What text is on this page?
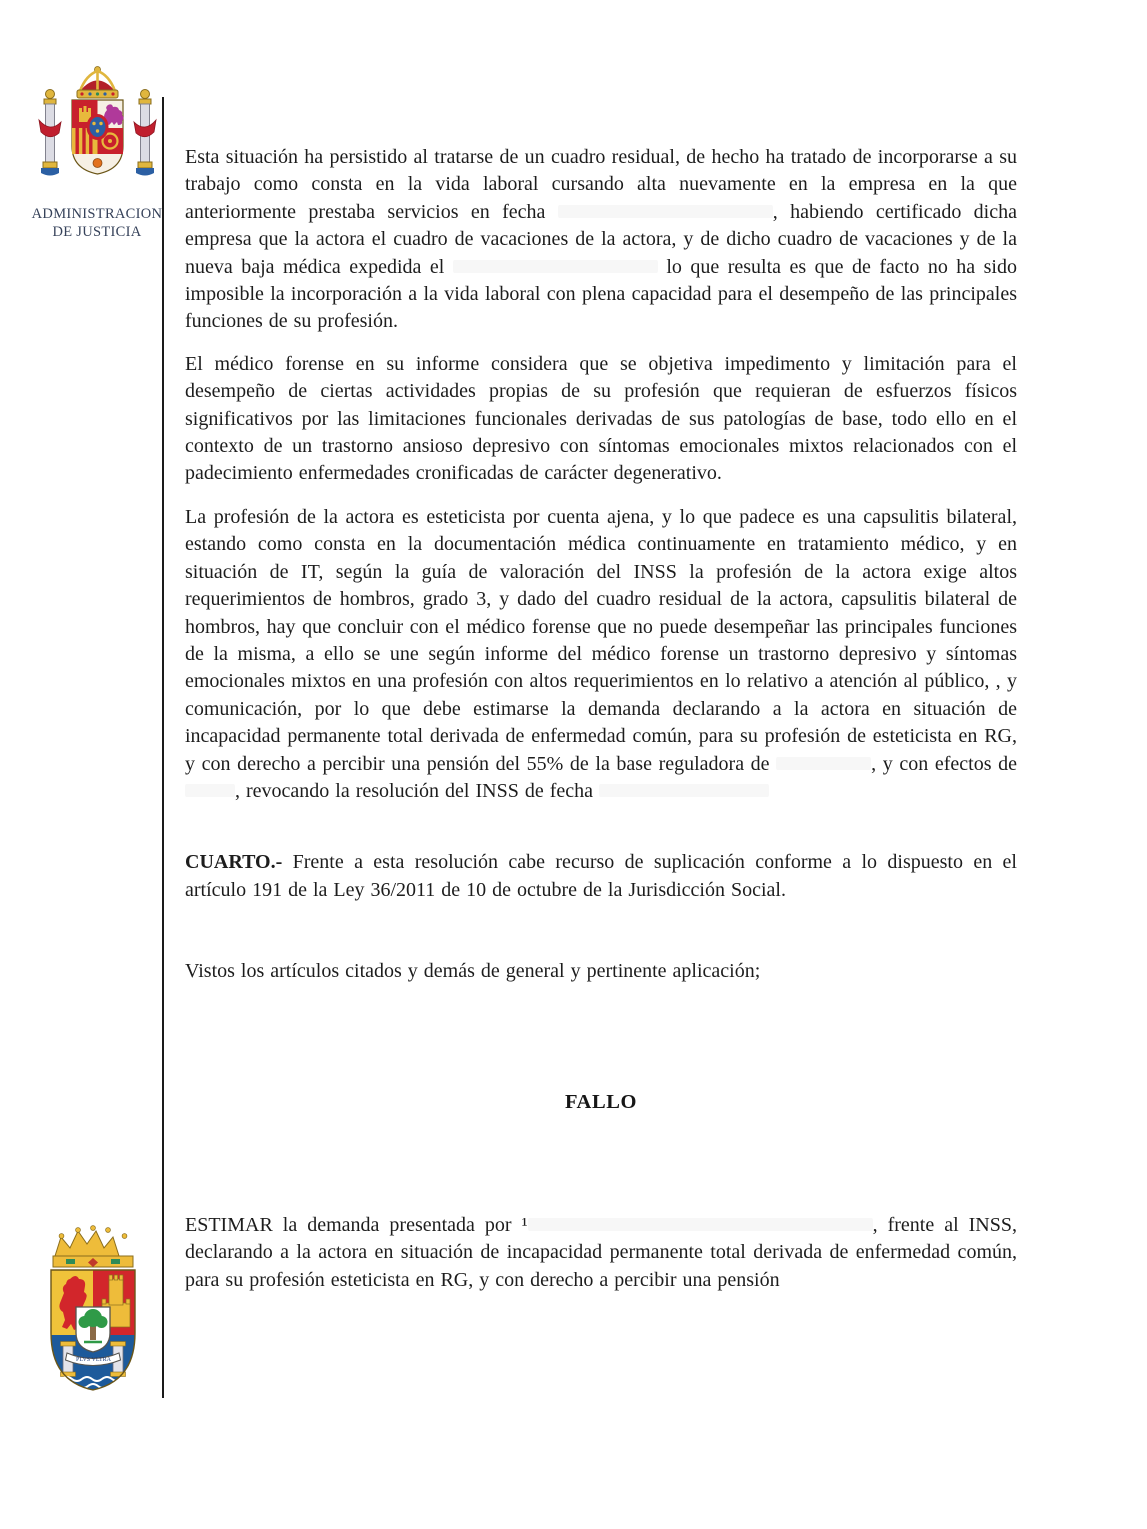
ADMINISTRACION
DE JUSTICIA
PLVS VLTRA

Esta situación ha persistido al tratarse de un cuadro residual, de hecho ha tratado de incorporarse a su trabajo como consta en la vida laboral cursando alta nuevamente en la empresa en la que anteriormente prestaba servicios en fecha	, habiendo certificado dicha empresa que la actora el cuadro de vacaciones de la actora, y de dicho cuadro de vacaciones y de la nueva baja médica expedida el	lo que resulta es que de facto no ha sido imposible la incorporación a la vida laboral con plena capacidad para el desempeño de las principales funciones de su profesión.

El médico forense en su informe considera que se objetiva impedimento y limitación para el desempeño de ciertas actividades propias de su profesión que requieran de esfuerzos físicos significativos por las limitaciones funcionales derivadas de sus patologías de base, todo ello en el contexto de un trastorno ansioso depresivo con síntomas emocionales mixtos relacionados con el padecimiento enfermedades cronificadas de carácter degenerativo.

La profesión de la actora es esteticista por cuenta ajena, y lo que padece es una capsulitis bilateral, estando como consta en la documentación médica continuamente en tratamiento médico, y en situación de IT, según la guía de valoración del INSS la profesión de la actora exige altos requerimientos de hombros, grado 3, y dado del cuadro residual de la actora, capsulitis bilateral de hombros, hay que concluir con el médico forense que no puede desempeñar las principales funciones de la misma, a ello se une según informe del médico forense un trastorno depresivo y síntomas emocionales mixtos en una profesión con altos requerimientos en lo relativo a atención al público, , y comunicación, por lo que debe estimarse la demanda declarando a la actora en situación de incapacidad permanente total derivada de enfermedad común, para su profesión de esteticista en RG, y con derecho a percibir una pensión del 55% de la base reguladora de	, y con efectos de , revocando la resolución del INSS de fecha

CUARTO.- Frente a esta resolución cabe recurso de suplicación conforme a lo dispuesto en el artículo 191 de la Ley 36/2011 de 10 de octubre de la Jurisdicción Social.

Vistos los artículos citados y demás de general y pertinente aplicación;

FALLO

ESTIMAR la demanda presentada por ¹	, frente al INSS, declarando a la actora en situación de incapacidad permanente total derivada de enfermedad común, para su profesión esteticista en RG, y con derecho a percibir una pensión
